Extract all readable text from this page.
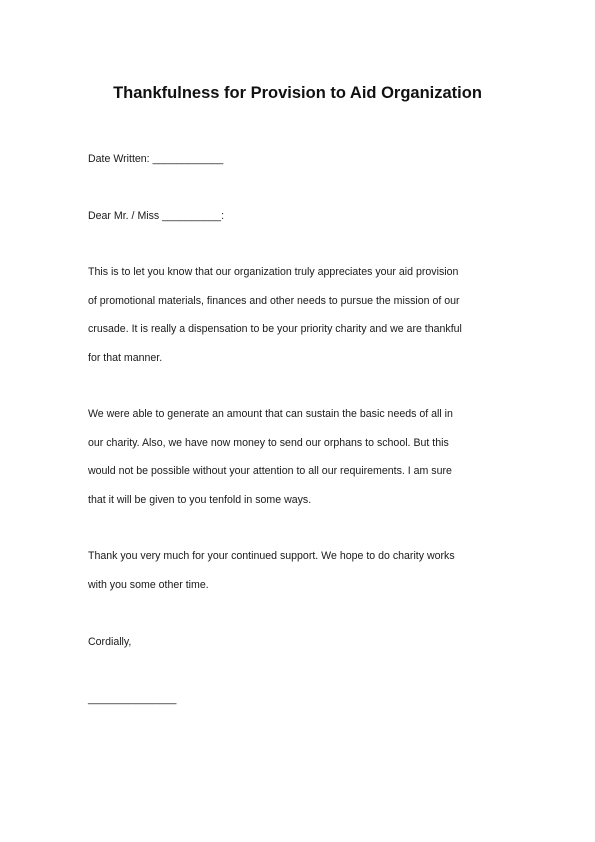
Thankfulness for Provision to Aid Organization

Date Written: ____________

Dear Mr. / Miss __________:

This is to let you know that our organization truly appreciates your aid provision
of promotional materials, finances and other needs to pursue the mission of our
crusade. It is really a dispensation to be your priority charity and we are thankful
for that manner.
We were able to generate an amount that can sustain the basic needs of all in
our charity. Also, we have now money to send our orphans to school. But this
would not be possible without your attention to all our requirements. I am sure
that it will be given to you tenfold in some ways.
Thank you very much for your continued support. We hope to do charity works
with you some other time.

Cordially,

_______________
